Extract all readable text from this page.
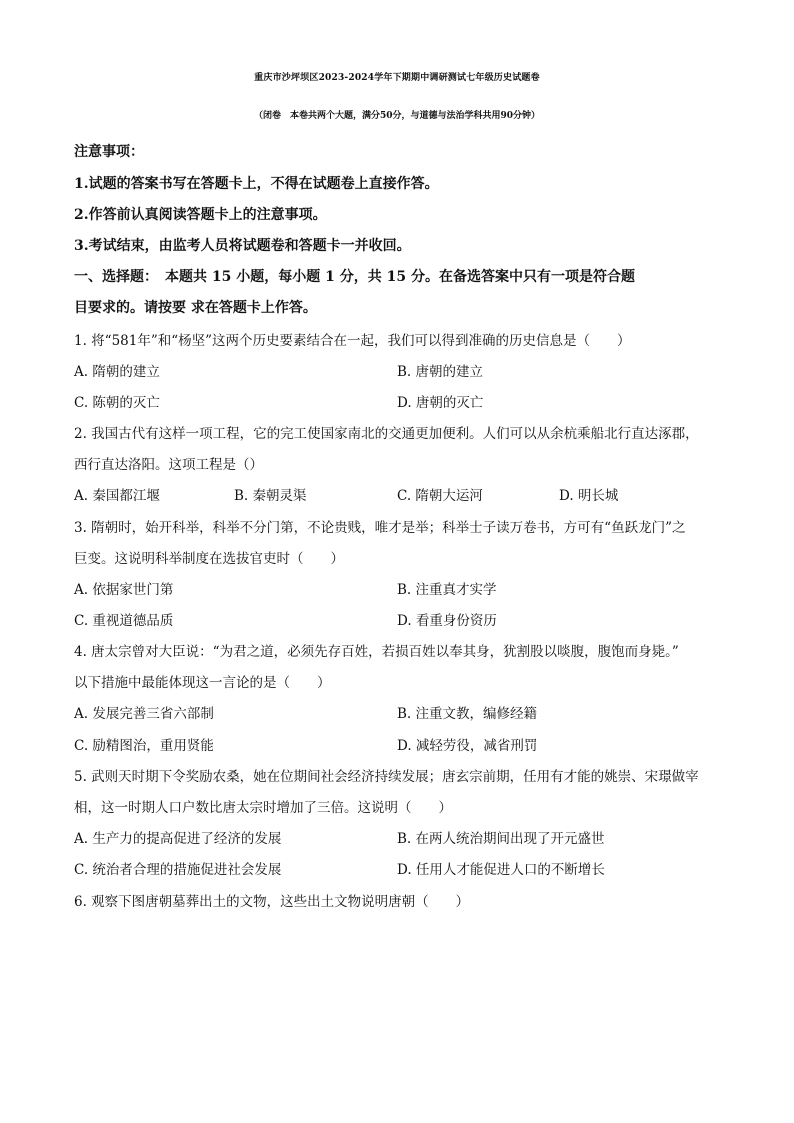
重庆市沙坪坝区2023-2024学年下期期中调研测试七年级历史试题卷
（闭卷　本卷共两个大题，满分50分，与道德与法治学科共用90分钟）
注意事项：
1.试题的答案书写在答题卡上，不得在试题卷上直接作答。
2.作答前认真阅读答题卡上的注意事项。
3.考试结束，由监考人员将试题卷和答题卡一并收回。
一、选择题：　本题共 15 小题，每小题 1 分，共 15 分。在备选答案中只有一项是符合题
目要求的。请按要 求在答题卡上作答。
1. 将“581年”和“杨坚”这两个历史要素结合在一起，我们可以得到准确的历史信息是（　　）
A. 隋朝的建立	B. 唐朝的建立
C. 陈朝的灭亡	D. 唐朝的灭亡
2. 我国古代有这样一项工程，它的完工使国家南北的交通更加便利。人们可以从余杭乘船北行直达涿郡，
西行直达洛阳。这项工程是（）
A. 秦国都江堰	B. 秦朝灵渠	C. 隋朝大运河	D. 明长城
3. 隋朝时，始开科举，科举不分门第，不论贵贱，唯才是举；科举士子读万卷书，方可有“鱼跃龙门”之
巨变。这说明科举制度在选拔官吏时（　　）
A. 依据家世门第	B. 注重真才实学
C. 重视道德品质	D. 看重身份资历
4. 唐太宗曾对大臣说：“为君之道，必须先存百姓，若损百姓以奉其身，犹割股以啖腹，腹饱而身毙。”
以下措施中最能体现这一言论的是（　　）
A. 发展完善三省六部制	B. 注重文教，编修经籍
C. 励精图治，重用贤能	D. 减轻劳役，减省刑罚
5. 武则天时期下令奖励农桑，她在位期间社会经济持续发展；唐玄宗前期，任用有才能的姚崇、宋璟做宰
相，这一时期人口户数比唐太宗时增加了三倍。这说明（　　）
A. 生产力的提高促进了经济的发展	B. 在两人统治期间出现了开元盛世
C. 统治者合理的措施促进社会发展	D. 任用人才能促进人口的不断增长
6. 观察下图唐朝墓葬出土的文物，这些出土文物说明唐朝（　　）
